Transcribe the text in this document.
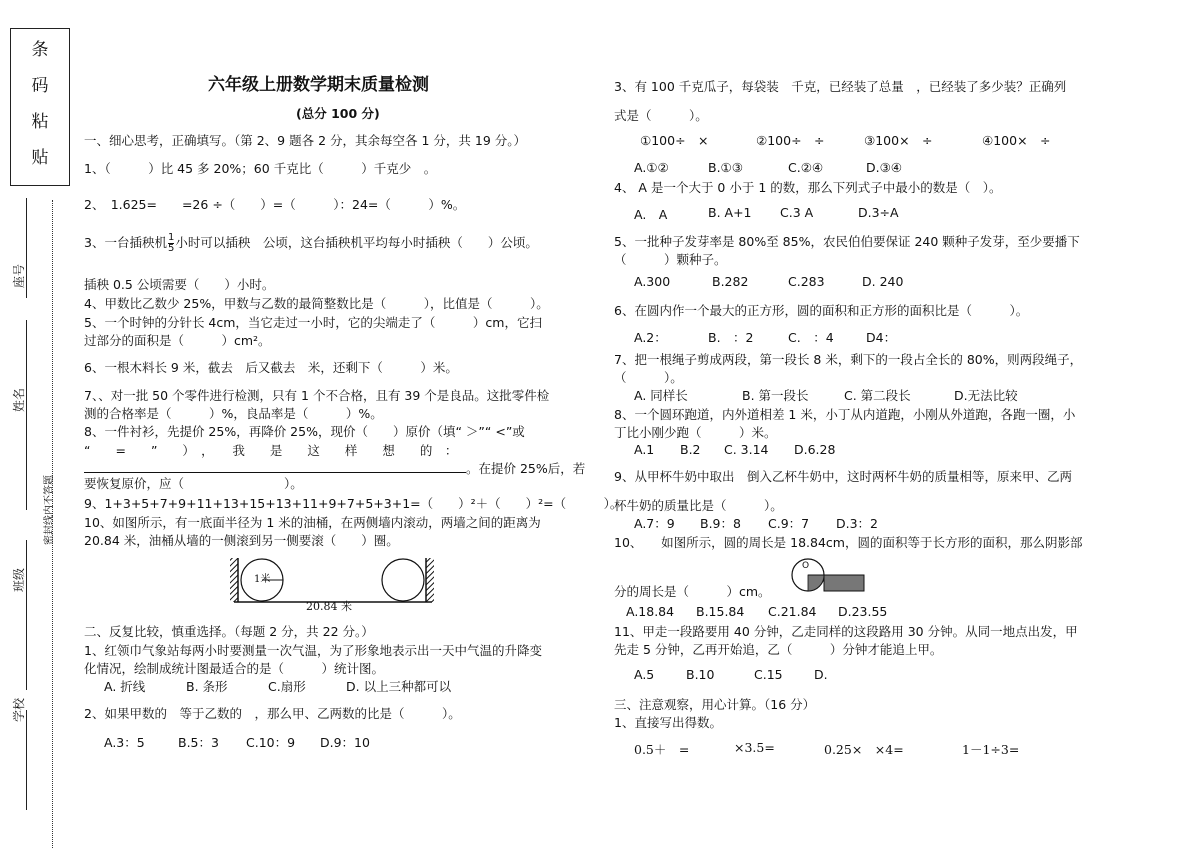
条
码
粘
贴
座号
姓名
密封线内不答题
班级
学校
六年级上册数学期末质量检测
(总分 100 分)
一、细心思考，正确填写。（第 2、9 题各 2 分，其余每空各 1 分，共 19 分。）
1、（　　　）比 45 多 20%；60 千克比（　　　）千克少　。
2、　1.625=　　=26 ÷（　　）=（　　　）：24=（　　　）%。
3、一台插秧机 $\frac{1}{5}$ 小时可以插秧　公顷，这台插秧机平均每小时插秧（　　）公顷。
插秧 0.5 公顷需要（　　）小时。
4、甲数比乙数少 25%，甲数与乙数的最简整数比是（　　　），比值是（　　　）。
5、一个时钟的分针长 4cm，当它走过一小时，它的尖端走了（　　　）cm，它扫
过部分的面积是（　　　）cm²。
6、一根木料长 9 米，截去　后又截去　米，还剩下（　　　）米。
7、、对一批 50 个零件进行检测，只有 1 个不合格，且有 39 个是良品。这批零件检
测的合格率是（　　　）%，良品率是（　　　）%。
8、一件衬衫，先提价 25%，再降价 25%，现价（　　）原价（填“ ＞”“ <”或
“　　=　　”　　）　，　　我　　是　　这　　样　　想　　的　：
。在提价 25%后，若
要恢复原价，应（　　　　　　　　）。
9、1+3+5+7+9+11+13+15+13+11+9+7+5+3+1=（　　）²＋（　　）²=（　　　）。
10、如图所示，有一底面半径为 1 米的油桶，在两侧墙内滚动，两墙之间的距离为
20.84 米，油桶从墙的一侧滚到另一侧要滚（　　）圈。
1米
20.84 米
二、反复比较，慎重选择。（每题 2 分，共 22 分。）
1、红领巾气象站每两小时要测量一次气温，为了形象地表示出一天中气温的升降变
化情况，绘制成统计图最适合的是（　　　）统计图。
A. 折线	B. 条形	C.扇形	D. 以上三种都可以
2、如果甲数的　等于乙数的　，那么甲、乙两数的比是（　　　）。
A.3：5	B.5：3 C.10：9 D.9：10
3、有 100 千克瓜子，每袋装　千克，已经装了总量　，已经装了多少装？正确列
式是（　　　）。
①100÷　×	②100÷　÷	③100×　÷	④100×　÷
A.①②	B.①③	C.②④	D.③④
4、 A 是一个大于 0 小于 1 的数，那么下列式子中最小的数是（　）。
A.　A	B. A+1 C.3 A	D.3÷A
5、一批种子发芽率是 80%至 85%，农民伯伯要保证 240 颗种子发芽，至少要播下
（　　　）颗种子。
A.300	B.282	C.283	D. 240
6、在圆内作一个最大的正方形，圆的面积和正方形的面积比是（　　　）。
A.2：	B.　：2	C.　：4	D4：
7、把一根绳子剪成两段，第一段长 8 米，剩下的一段占全长的 80%，则两段绳子，
（　　　）。
A. 同样长	B. 第一段长	C. 第二段长	D.无法比较
8、一个圆环跑道，内外道相差 1 米，小丁从内道跑，小刚从外道跑，各跑一圈，小
丁比小刚少跑（　　　）米。
A.1 B.2 C. 3.14 D.6.28
9、从甲杯牛奶中取出　倒入乙杯牛奶中，这时两杯牛奶的质量相等，原来甲、乙两
杯牛奶的质量比是（　　　）。
A.7：9 B.9：8 C.9：7 D.3：2
10、　　如图所示，圆的周长是 18.84cm，圆的面积等于长方形的面积，那么阴影部
O
分的周长是（　　　）cm。
A.18.84 B.15.84 C.21.84 D.23.55
11、甲走一段路要用 40 分钟，乙走同样的这段路用 30 分钟。从同一地点出发，甲
先走 5 分钟，乙再开始追，乙（　　　）分钟才能追上甲。
A.5	B.10	C.15	D.
三、注意观察，用心计算。（16 分）
1、直接写出得数。
0.5＋　=	×3.5=	0.25×　×4=	1－1÷3=
